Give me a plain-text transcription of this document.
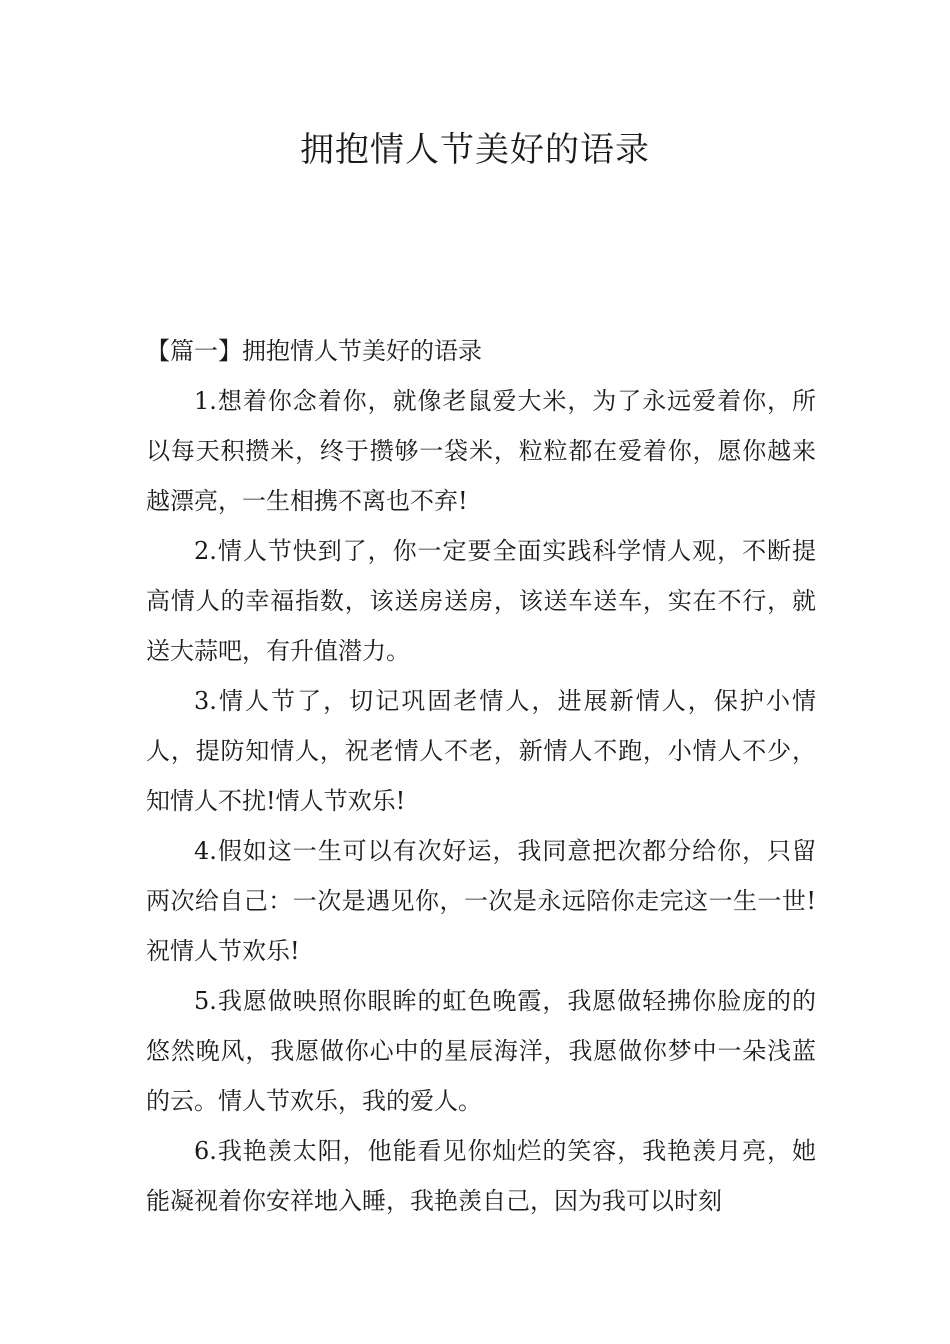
拥抱情人节美好的语录

【篇一】拥抱情人节美好的语录

1.想着你念着你，就像老鼠爱大米，为了永远爱着你，所以每天积攒米，终于攒够一袋米，粒粒都在爱着你，愿你越来越漂亮，一生相携不离也不弃!

2.情人节快到了，你一定要全面实践科学情人观，不断提高情人的幸福指数，该送房送房，该送车送车，实在不行，就送大蒜吧，有升值潜力。

3.情人节了，切记巩固老情人，进展新情人，保护小情人，提防知情人，祝老情人不老，新情人不跑，小情人不少，知情人不扰!情人节欢乐!

4.假如这一生可以有次好运，我同意把次都分给你，只留两次给自己：一次是遇见你，一次是永远陪你走完这一生一世!祝情人节欢乐!

5.我愿做映照你眼眸的虹色晚霞，我愿做轻拂你脸庞的的悠然晚风，我愿做你心中的星辰海洋，我愿做你梦中一朵浅蓝的云。情人节欢乐，我的爱人。

6.我艳羡太阳，他能看见你灿烂的笑容，我艳羡月亮，她能凝视着你安祥地入睡，我艳羡自己，因为我可以时刻
